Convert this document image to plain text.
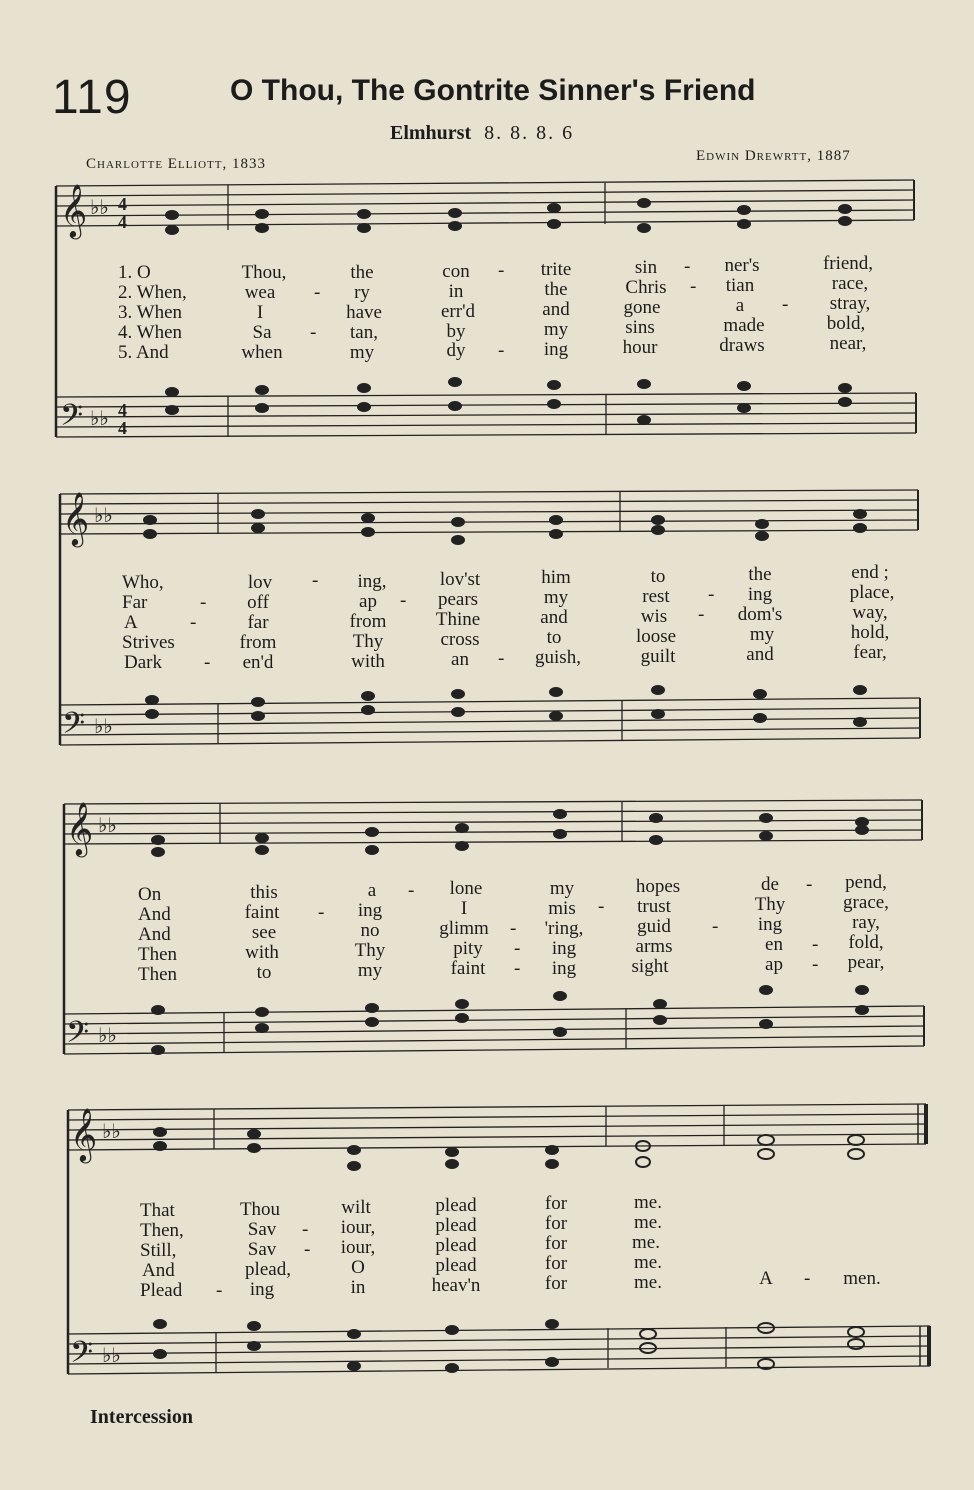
119	O Thou, The Gontrite Sinner's Friend
Elmhurst 8. 8. 8. 6
Charlotte Elliott, 1833	Edwin Drewrtt, 1887
𝄞
𝄢
♭♭
♭♭
4
4
4
4
𝄞
𝄢
♭♭
♭♭
𝄞
𝄢
♭♭
♭♭
𝄞
𝄢
♭♭
♭♭
1. O	Thou,	the	con	trite	sin	ner's	friend,
2. When,	wea	ry	in	the	Chris	tian	race,
3. When	I	have	err'd	and	gone	a	stray,
4. When	Sa	tan,	by	my	sins	made	bold,
5. And	when	my	dy	ing	hour	draws	near,
-	-
-	-
-
-
-
Who,	lov	ing,	lov'st	him	to	the	end ;
Far	off	ap	pears	my	rest	ing	place,
A	far	from	Thine	and	wis	dom's	way,
Strives	from	Thy	cross	to	loose	my	hold,
Dark	en'd	with	an	guish,	guilt	and	fear,
-
-	-	-
-	-
-	-
On	this	a	lone	my	hopes	de	pend,
And	faint	ing	I	mis	trust	Thy	grace,
And	see	no	glimm	'ring,	guid	ing	ray,
Then	with	Thy	pity	ing	arms	en	fold,
Then	to	my	faint	ing	sight	ap	pear,
-	-
-	-
-	-
-	-
-	-
That	Thou	wilt	plead	for	me.
Then,	Sav	iour,	plead	for	me.
Still,	Sav	iour,	plead	for	me.
And	plead,	O	plead	for	me.
Plead	ing	in	heav'n	for	me.	A	men.
-
-
-
-
Intercession
